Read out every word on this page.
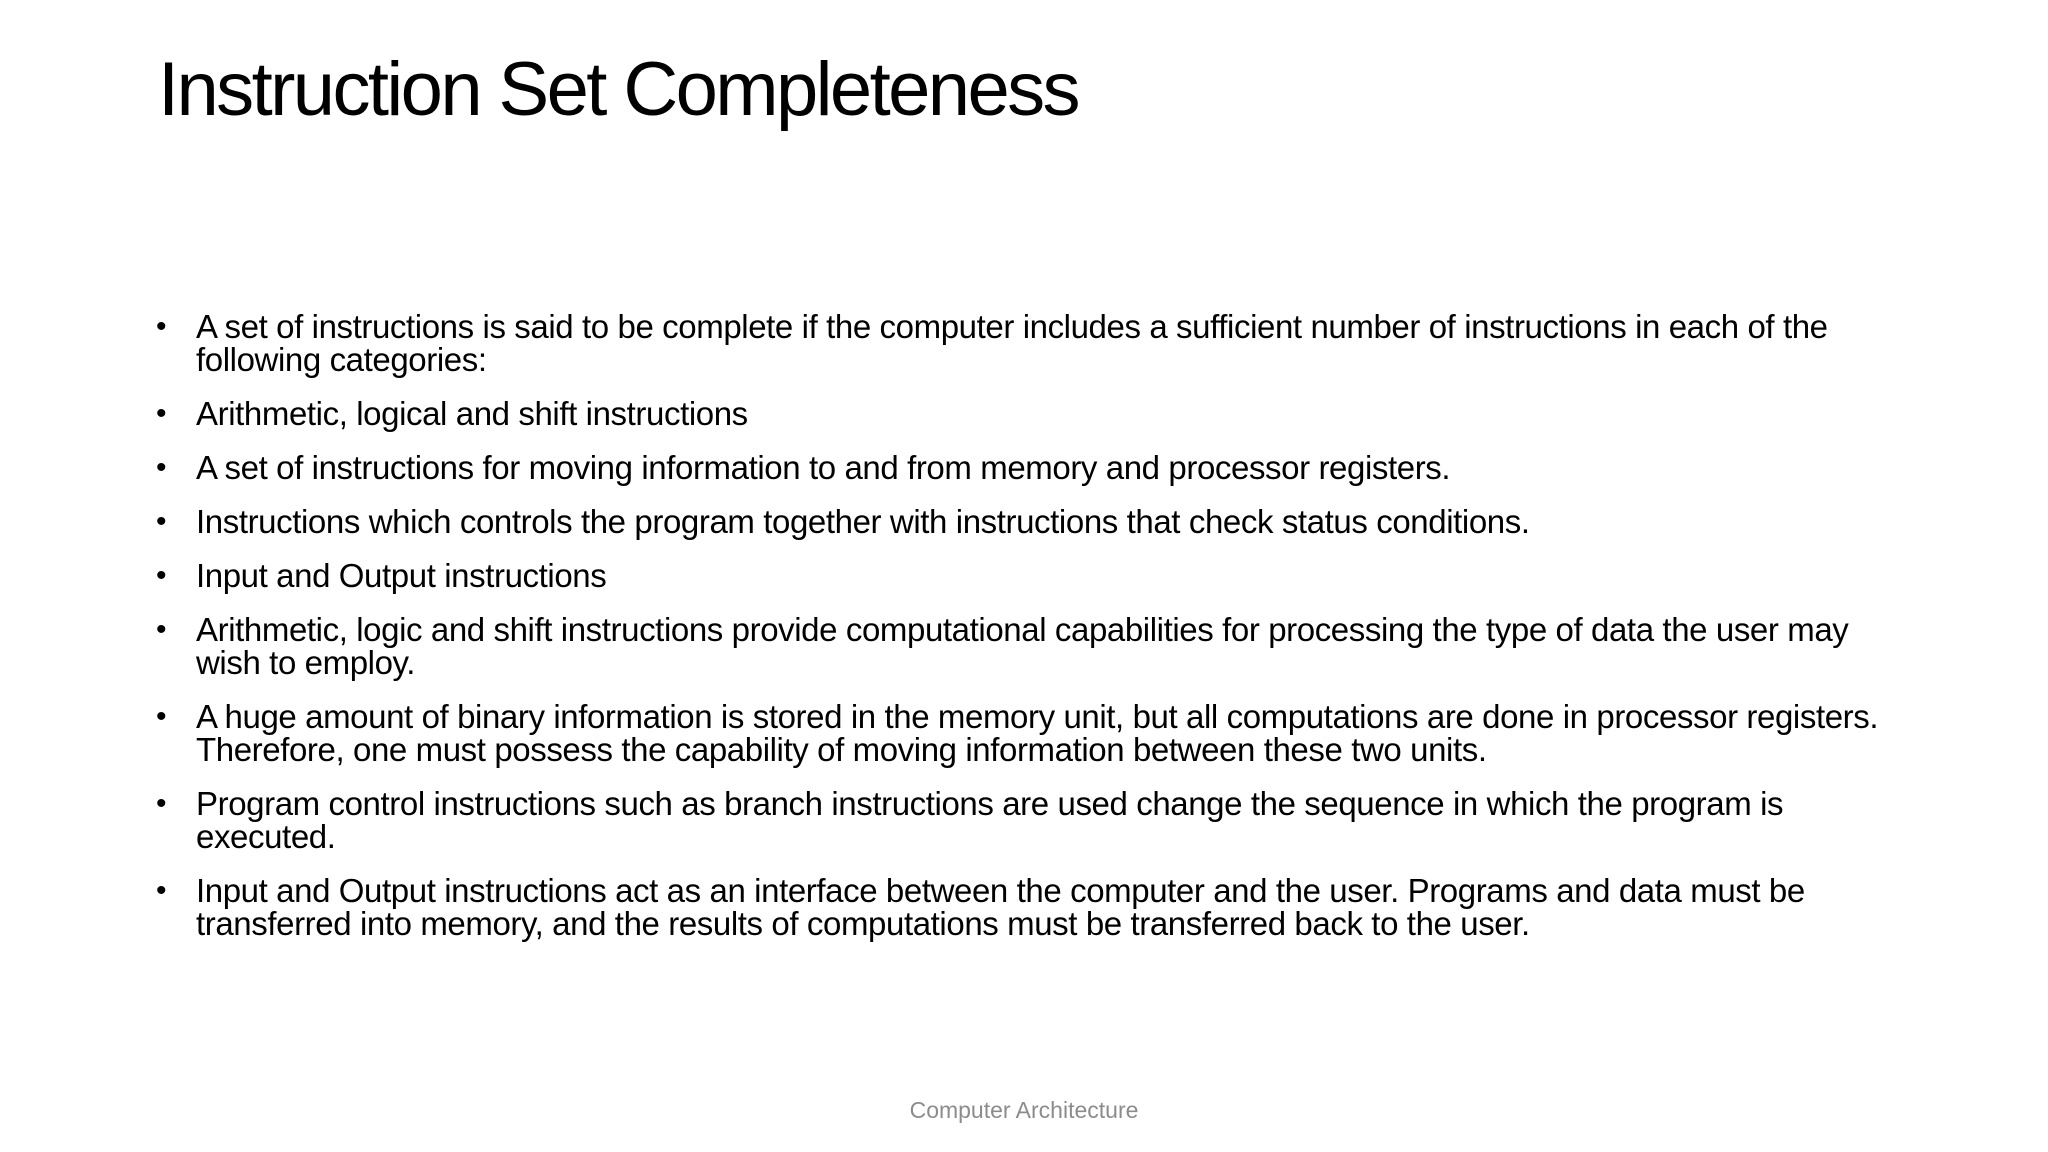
Instruction Set Completeness
• A set of instructions is said to be complete if the computer includes a sufficient number of instructions in each of the following categories:
• Arithmetic, logical and shift instructions
• A set of instructions for moving information to and from memory and processor registers.
• Instructions which controls the program together with instructions that check status conditions.
• Input and Output instructions
• Arithmetic, logic and shift instructions provide computational capabilities for processing the type of data the user may wish to employ.
• A huge amount of binary information is stored in the memory unit, but all computations are done in processor registers. Therefore, one must possess the capability of moving information between these two units.
• Program control instructions such as branch instructions are used change the sequence in which the program is executed.
• Input and Output instructions act as an interface between the computer and the user. Programs and data must be transferred into memory, and the results of computations must be transferred back to the user.
Computer Architecture
